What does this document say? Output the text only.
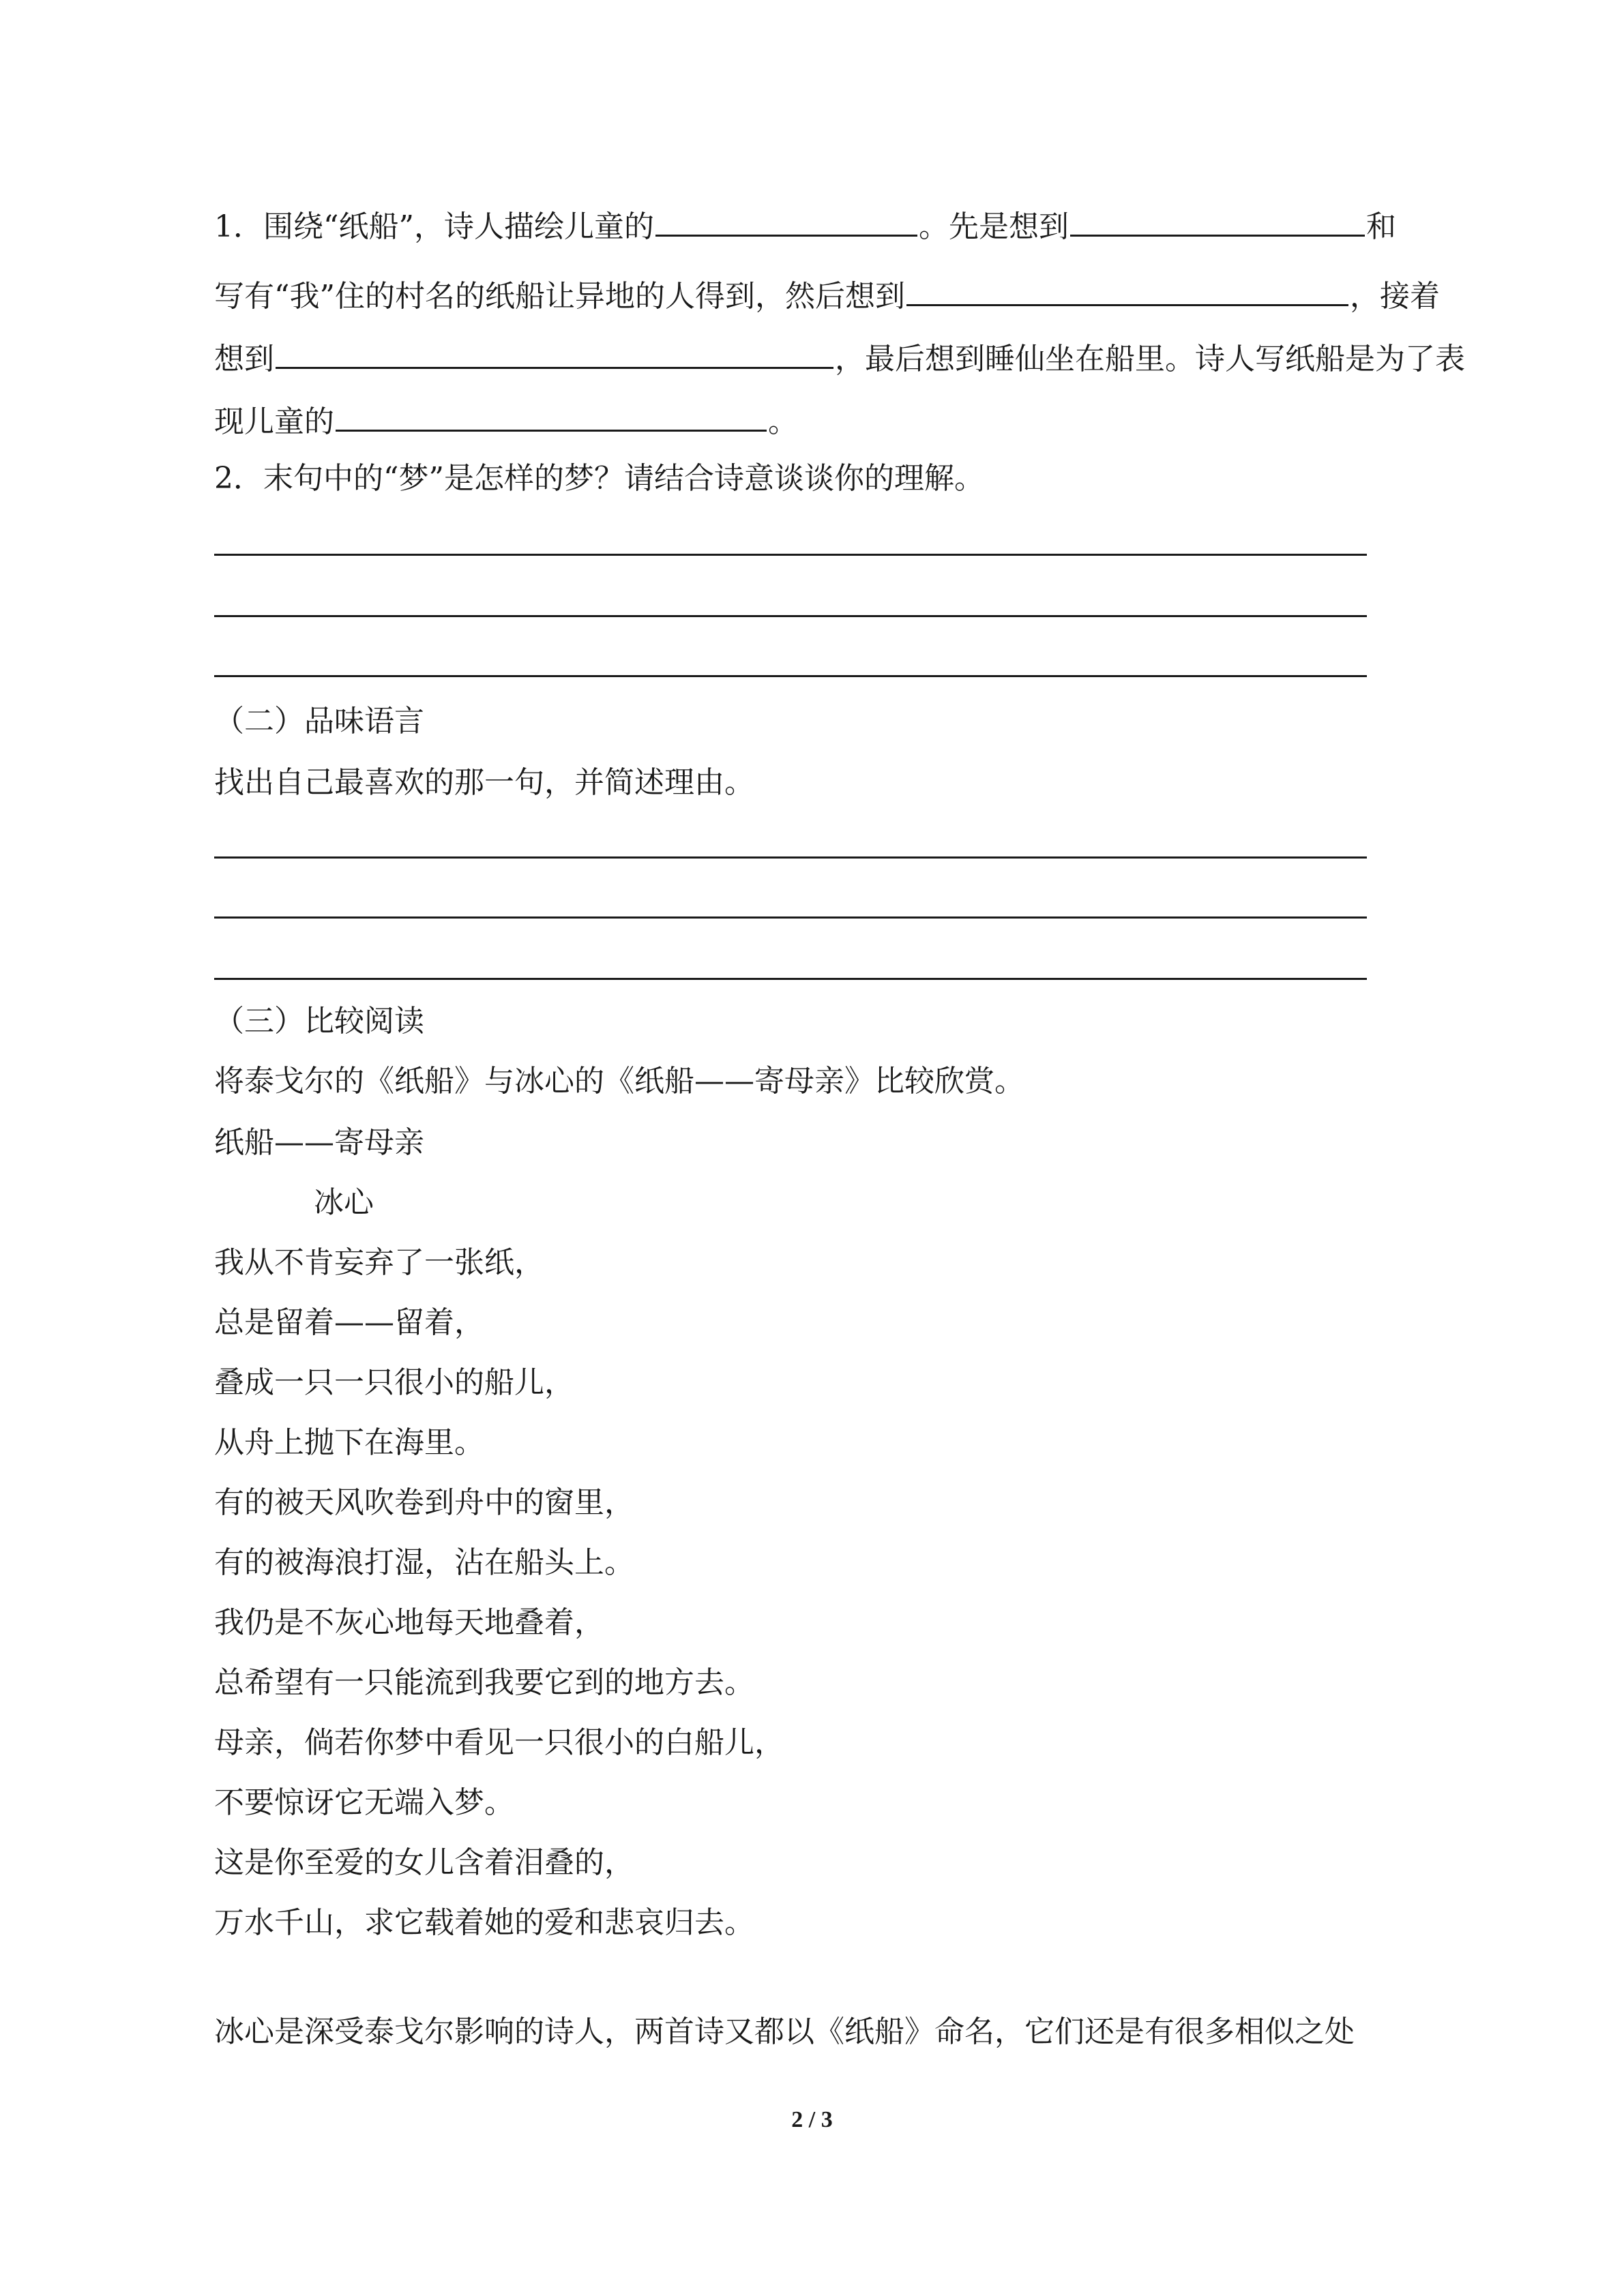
1．围绕“纸船”，诗人描绘儿童的	。先是想到	和
写有“我”住的村名的纸船让异地的人得到，然后想到	，接着
想到	，最后想到睡仙坐在船里。诗人写纸船是为了表
现儿童的	。
2．末句中的“梦”是怎样的梦？请结合诗意谈谈你的理解。
（二）品味语言
找出自己最喜欢的那一句，并简述理由。
（三）比较阅读
将泰戈尔的《纸船》与冰心的《纸船——寄母亲》比较欣赏。
纸船——寄母亲
冰心
我从不肯妄弃了一张纸，
总是留着——留着，
叠成一只一只很小的船儿，
从舟上抛下在海里。
有的被天风吹卷到舟中的窗里，
有的被海浪打湿，沾在船头上。
我仍是不灰心地每天地叠着，
总希望有一只能流到我要它到的地方去。
母亲，倘若你梦中看见一只很小的白船儿，
不要惊讶它无端入梦。
这是你至爱的女儿含着泪叠的，
万水千山，求它载着她的爱和悲哀归去。
冰心是深受泰戈尔影响的诗人，两首诗又都以《纸船》命名，它们还是有很多相似之处
2 / 3
